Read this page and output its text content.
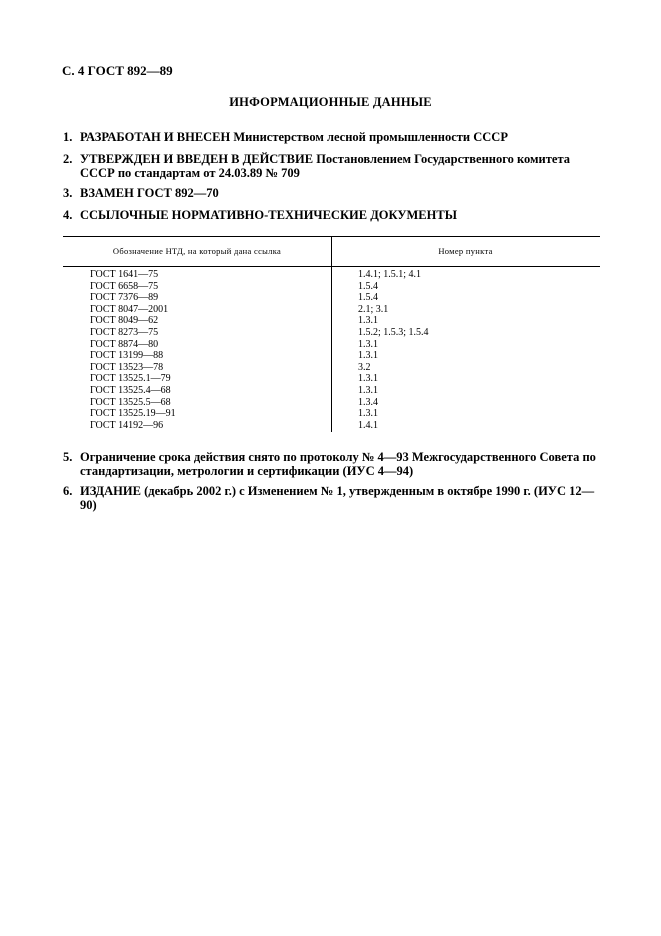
С. 4 ГОСТ 892—89
ИНФОРМАЦИОННЫЕ ДАННЫЕ
1. РАЗРАБОТАН И ВНЕСЕН Министерством лесной промышленности СССР
2. УТВЕРЖДЕН И ВВЕДЕН В ДЕЙСТВИЕ Постановлением Государственного комитета СССР по стандартам от 24.03.89 № 709
3. ВЗАМЕН ГОСТ 892—70
4. ССЫЛОЧНЫЕ НОРМАТИВНО-ТЕХНИЧЕСКИЕ ДОКУМЕНТЫ
Обозначение НТД, на который дана ссылка	Номер пункта
ГОСТ 1641—75	1.4.1; 1.5.1; 4.1
ГОСТ 6658—75	1.5.4
ГОСТ 7376—89	1.5.4
ГОСТ 8047—2001	2.1; 3.1
ГОСТ 8049—62	1.3.1
ГОСТ 8273—75	1.5.2; 1.5.3; 1.5.4
ГОСТ 8874—80	1.3.1
ГОСТ 13199—88	1.3.1
ГОСТ 13523—78	3.2
ГОСТ 13525.1—79	1.3.1
ГОСТ 13525.4—68	1.3.1
ГОСТ 13525.5—68	1.3.4
ГОСТ 13525.19—91	1.3.1
ГОСТ 14192—96	1.4.1
5. Ограничение срока действия снято по протоколу № 4—93 Межгосударственного Совета по стандартизации, метрологии и сертификации (ИУС 4—94)
6. ИЗДАНИЕ (декабрь 2002 г.) с Изменением № 1, утвержденным в октябре 1990 г. (ИУС 12—90)
